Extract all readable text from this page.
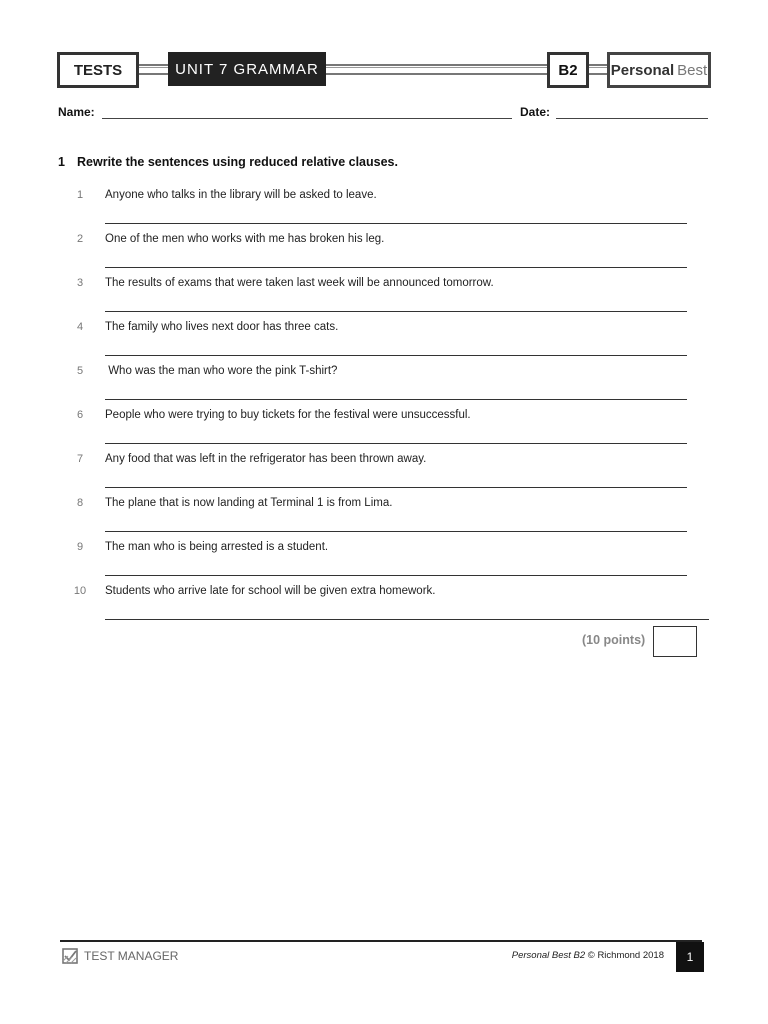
TESTS	UNIT 7 GRAMMAR	B2	Personal Best
Name:	Date:
1 Rewrite the sentences using reduced relative clauses.
1	Anyone who talks in the library will be asked to leave.
2	One of the men who works with me has broken his leg.
3	The results of exams that were taken last week will be announced tomorrow.
4	The family who lives next door has three cats.
5	Who was the man who wore the pink T-shirt?
6	People who were trying to buy tickets for the festival were unsuccessful.
7	Any food that was left in the refrigerator has been thrown away.
8	The plane that is now landing at Terminal 1 is from Lima.
9	The man who is being arrested is a student.
10	Students who arrive late for school will be given extra homework.
(10 points)
TEST MANAGER	Personal Best B2 © Richmond 2018	1
